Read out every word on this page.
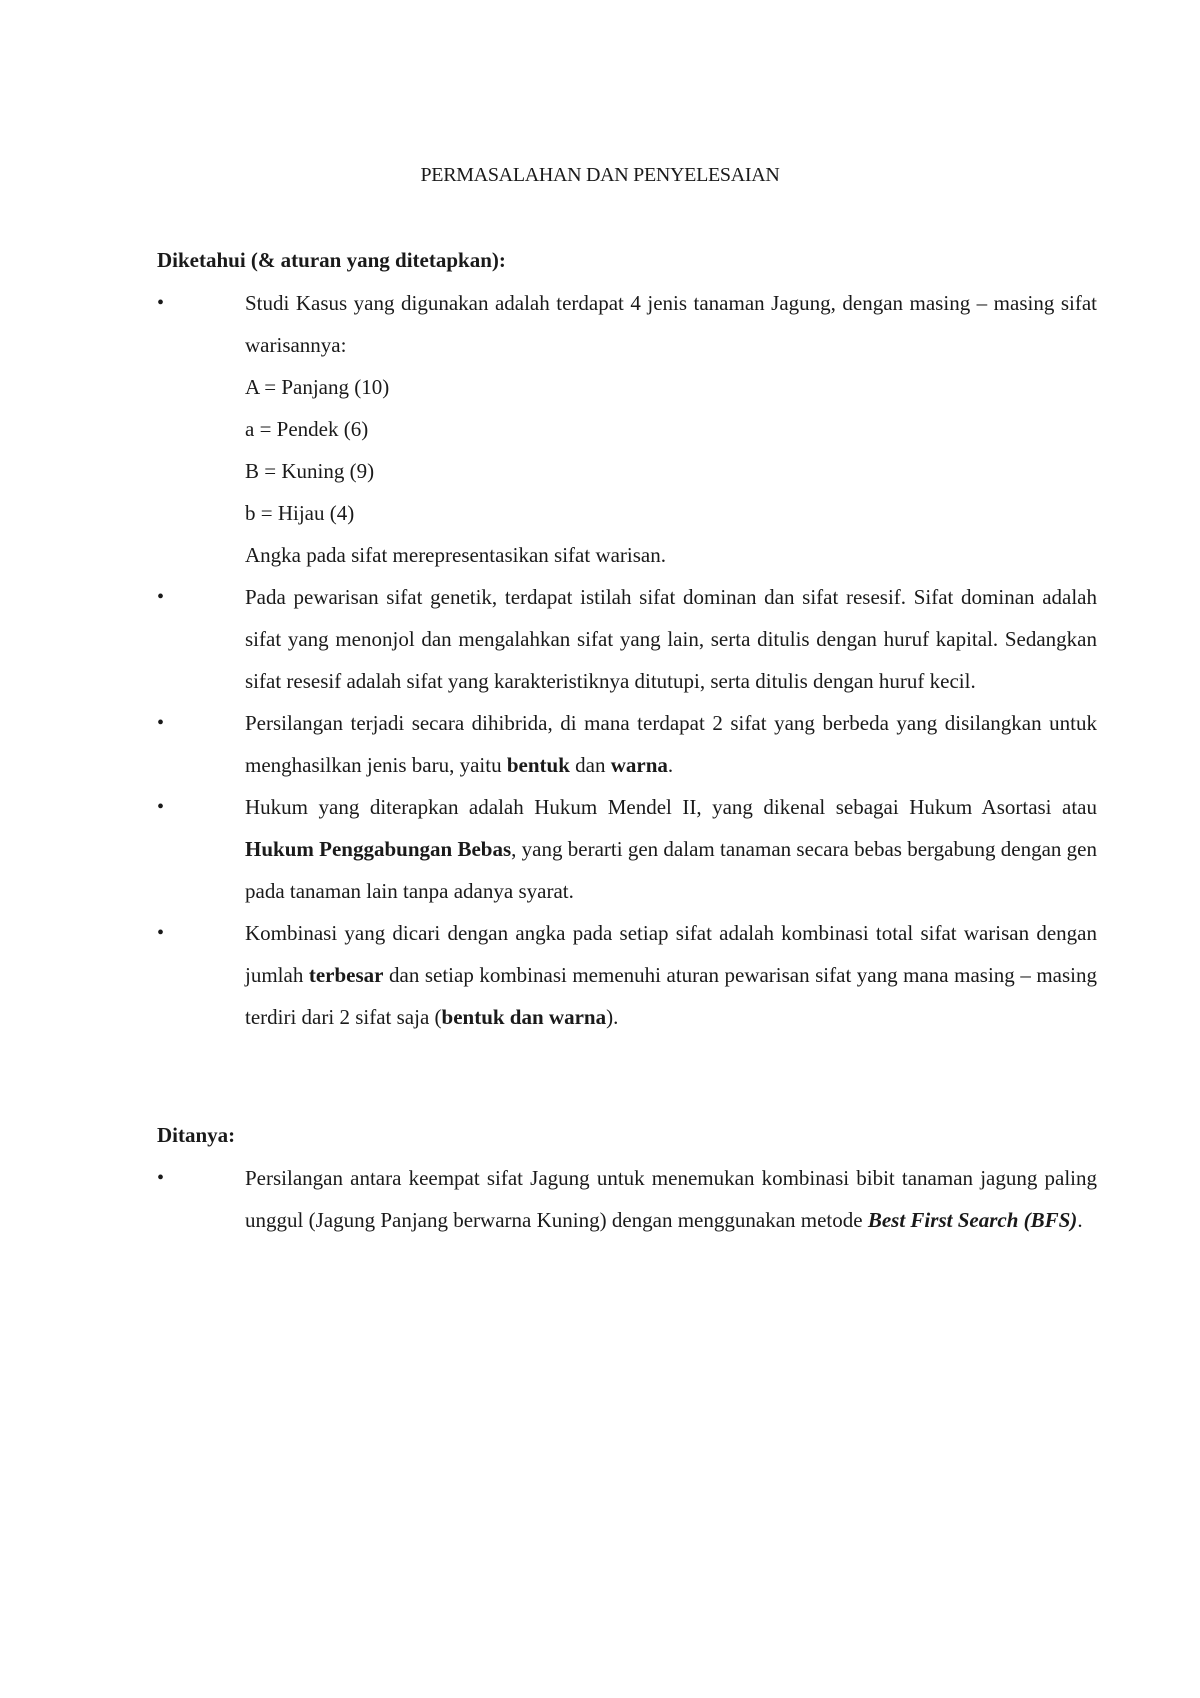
PERMASALAHAN DAN PENYELESAIAN
Diketahui (& aturan yang ditetapkan):
•	Studi Kasus yang digunakan adalah terdapat 4 jenis tanaman Jagung, dengan masing – masing sifat warisannya:
A = Panjang (10)
a = Pendek (6)
B = Kuning (9)
b = Hijau (4)
Angka pada sifat merepresentasikan sifat warisan.
•	Pada pewarisan sifat genetik, terdapat istilah sifat dominan dan sifat resesif. Sifat dominan adalah sifat yang menonjol dan mengalahkan sifat yang lain, serta ditulis dengan huruf kapital. Sedangkan sifat resesif adalah sifat yang karakteristiknya ditutupi, serta ditulis dengan huruf kecil.
•	Persilangan terjadi secara dihibrida, di mana terdapat 2 sifat yang berbeda yang disilangkan untuk menghasilkan jenis baru, yaitu bentuk dan warna.
•	Hukum yang diterapkan adalah Hukum Mendel II, yang dikenal sebagai Hukum Asortasi atau Hukum Penggabungan Bebas, yang berarti gen dalam tanaman secara bebas bergabung dengan gen pada tanaman lain tanpa adanya syarat.
•	Kombinasi yang dicari dengan angka pada setiap sifat adalah kombinasi total sifat warisan dengan jumlah terbesar dan setiap kombinasi memenuhi aturan pewarisan sifat yang mana masing – masing terdiri dari 2 sifat saja (bentuk dan warna).
Ditanya:
•	Persilangan antara keempat sifat Jagung untuk menemukan kombinasi bibit tanaman jagung paling unggul (Jagung Panjang berwarna Kuning) dengan menggunakan metode Best First Search (BFS).
